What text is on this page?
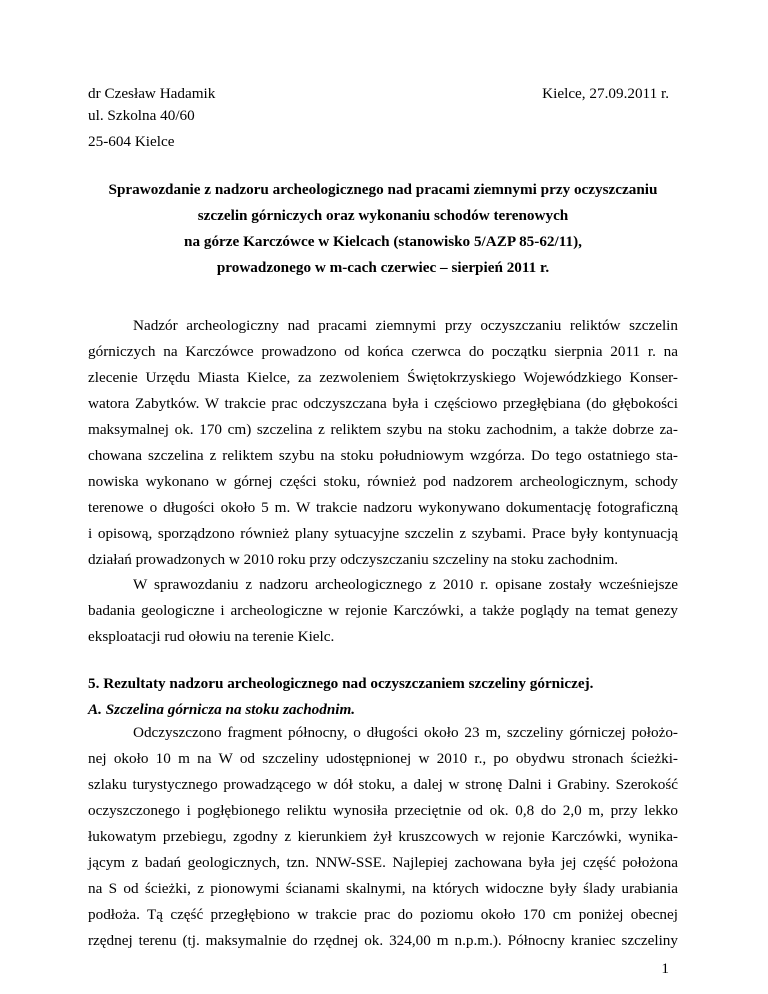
dr Czesław Hadamik	Kielce, 27.09.2011 r.
ul. Szkolna 40/60
25-604 Kielce
Sprawozdanie z nadzoru archeologicznego nad pracami ziemnymi przy oczyszczaniu
szczelin górniczych oraz wykonaniu schodów terenowych
na górze Karczówce w Kielcach (stanowisko 5/AZP 85-62/11),
prowadzonego w m-cach czerwiec – sierpień 2011 r.
Nadzór archeologiczny nad pracami ziemnymi przy oczyszczaniu reliktów szczelin
górniczych na Karczówce prowadzono od końca czerwca do początku sierpnia 2011 r. na
zlecenie Urzędu Miasta Kielce, za zezwoleniem Świętokrzyskiego Wojewódzkiego Konser-
watora Zabytków. W trakcie prac odczyszczana była i częściowo przegłębiana (do głębokości
maksymalnej ok. 170 cm) szczelina z reliktem szybu na stoku zachodnim, a także dobrze za-
chowana szczelina z reliktem szybu na stoku południowym wzgórza. Do tego ostatniego sta-
nowiska wykonano w górnej części stoku, również pod nadzorem archeologicznym, schody
terenowe o długości około 5 m. W trakcie nadzoru wykonywano dokumentację fotograficzną
i opisową, sporządzono również plany sytuacyjne szczelin z szybami. Prace były kontynuacją
działań prowadzonych w 2010 roku przy odczyszczaniu szczeliny na stoku zachodnim.
W sprawozdaniu z nadzoru archeologicznego z 2010 r. opisane zostały wcześniejsze
badania geologiczne i archeologiczne w rejonie Karczówki, a także poglądy na temat genezy
eksploatacji rud ołowiu na terenie Kielc.
5. Rezultaty nadzoru archeologicznego nad oczyszczaniem szczeliny górniczej.
A. Szczelina górnicza na stoku zachodnim.
Odczyszczono fragment północny, o długości około 23 m, szczeliny górniczej położo-
nej około 10 m na W od szczeliny udostępnionej w 2010 r., po obydwu stronach ścieżki-
szlaku turystycznego prowadzącego w dół stoku, a dalej w stronę Dalni i Grabiny. Szerokość
oczyszczonego i pogłębionego reliktu wynosiła przeciętnie od ok. 0,8 do 2,0 m, przy lekko
łukowatym przebiegu, zgodny z kierunkiem żył kruszcowych w rejonie Karczówki, wynika-
jącym z badań geologicznych, tzn. NNW-SSE. Najlepiej zachowana była jej część położona
na S od ścieżki, z pionowymi ścianami skalnymi, na których widoczne były ślady urabiania
podłoża. Tą część przegłębiono w trakcie prac do poziomu około 170 cm poniżej obecnej
rzędnej terenu (tj. maksymalnie do rzędnej ok. 324,00 m n.p.m.). Północny kraniec szczeliny
1
